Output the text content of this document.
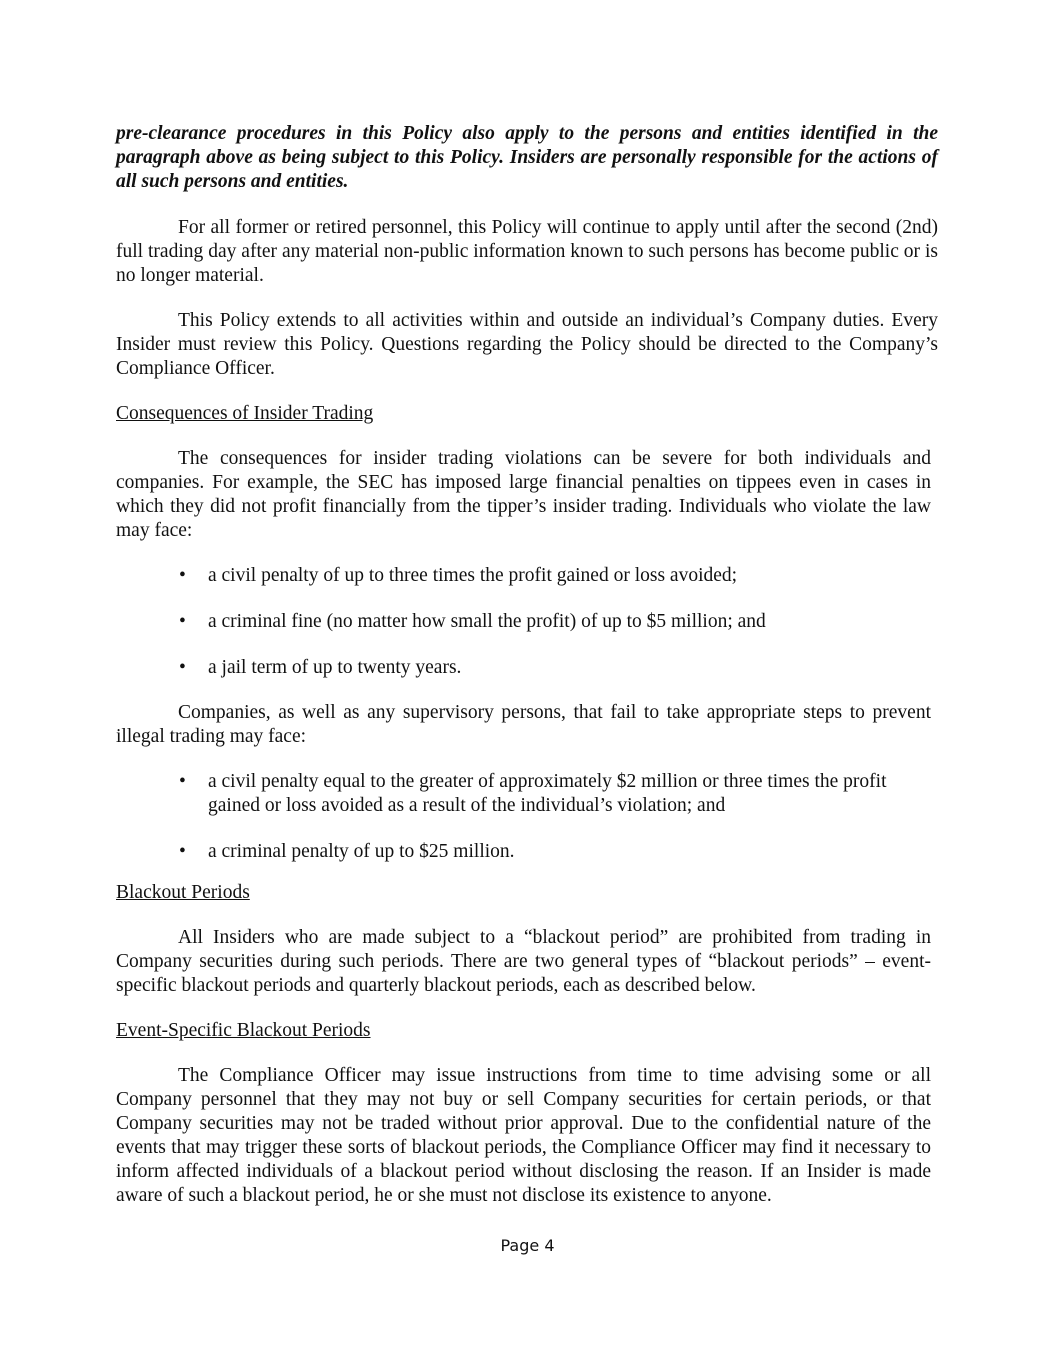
pre-clearance procedures in this Policy also apply to the persons and entities identified in the paragraph above as being subject to this Policy. Insiders are personally responsible for the actions of all such persons and entities.

For all former or retired personnel, this Policy will continue to apply until after the second (2nd) full trading day after any material non-public information known to such persons has become public or is no longer material.

This Policy extends to all activities within and outside an individual’s Company duties. Every Insider must review this Policy. Questions regarding the Policy should be directed to the Company’s Compliance Officer.

Consequences of Insider Trading

The consequences for insider trading violations can be severe for both individuals and companies. For example, the SEC has imposed large financial penalties on tippees even in cases in which they did not profit financially from the tipper’s insider trading. Individuals who violate the law may face:

• a civil penalty of up to three times the profit gained or loss avoided;
• a criminal fine (no matter how small the profit) of up to $5 million; and
• a jail term of up to twenty years.

Companies, as well as any supervisory persons, that fail to take appropriate steps to prevent illegal trading may face:

• a civil penalty equal to the greater of approximately $2 million or three times the profit gained or loss avoided as a result of the individual’s violation; and
• a criminal penalty of up to $25 million.

Blackout Periods

All Insiders who are made subject to a “blackout period” are prohibited from trading in Company securities during such periods. There are two general types of “blackout periods” – event-specific blackout periods and quarterly blackout periods, each as described below.

Event-Specific Blackout Periods

The Compliance Officer may issue instructions from time to time advising some or all Company personnel that they may not buy or sell Company securities for certain periods, or that Company securities may not be traded without prior approval. Due to the confidential nature of the events that may trigger these sorts of blackout periods, the Compliance Officer may find it necessary to inform affected individuals of a blackout period without disclosing the reason. If an Insider is made aware of such a blackout period, he or she must not disclose its existence to anyone.

Page 4
